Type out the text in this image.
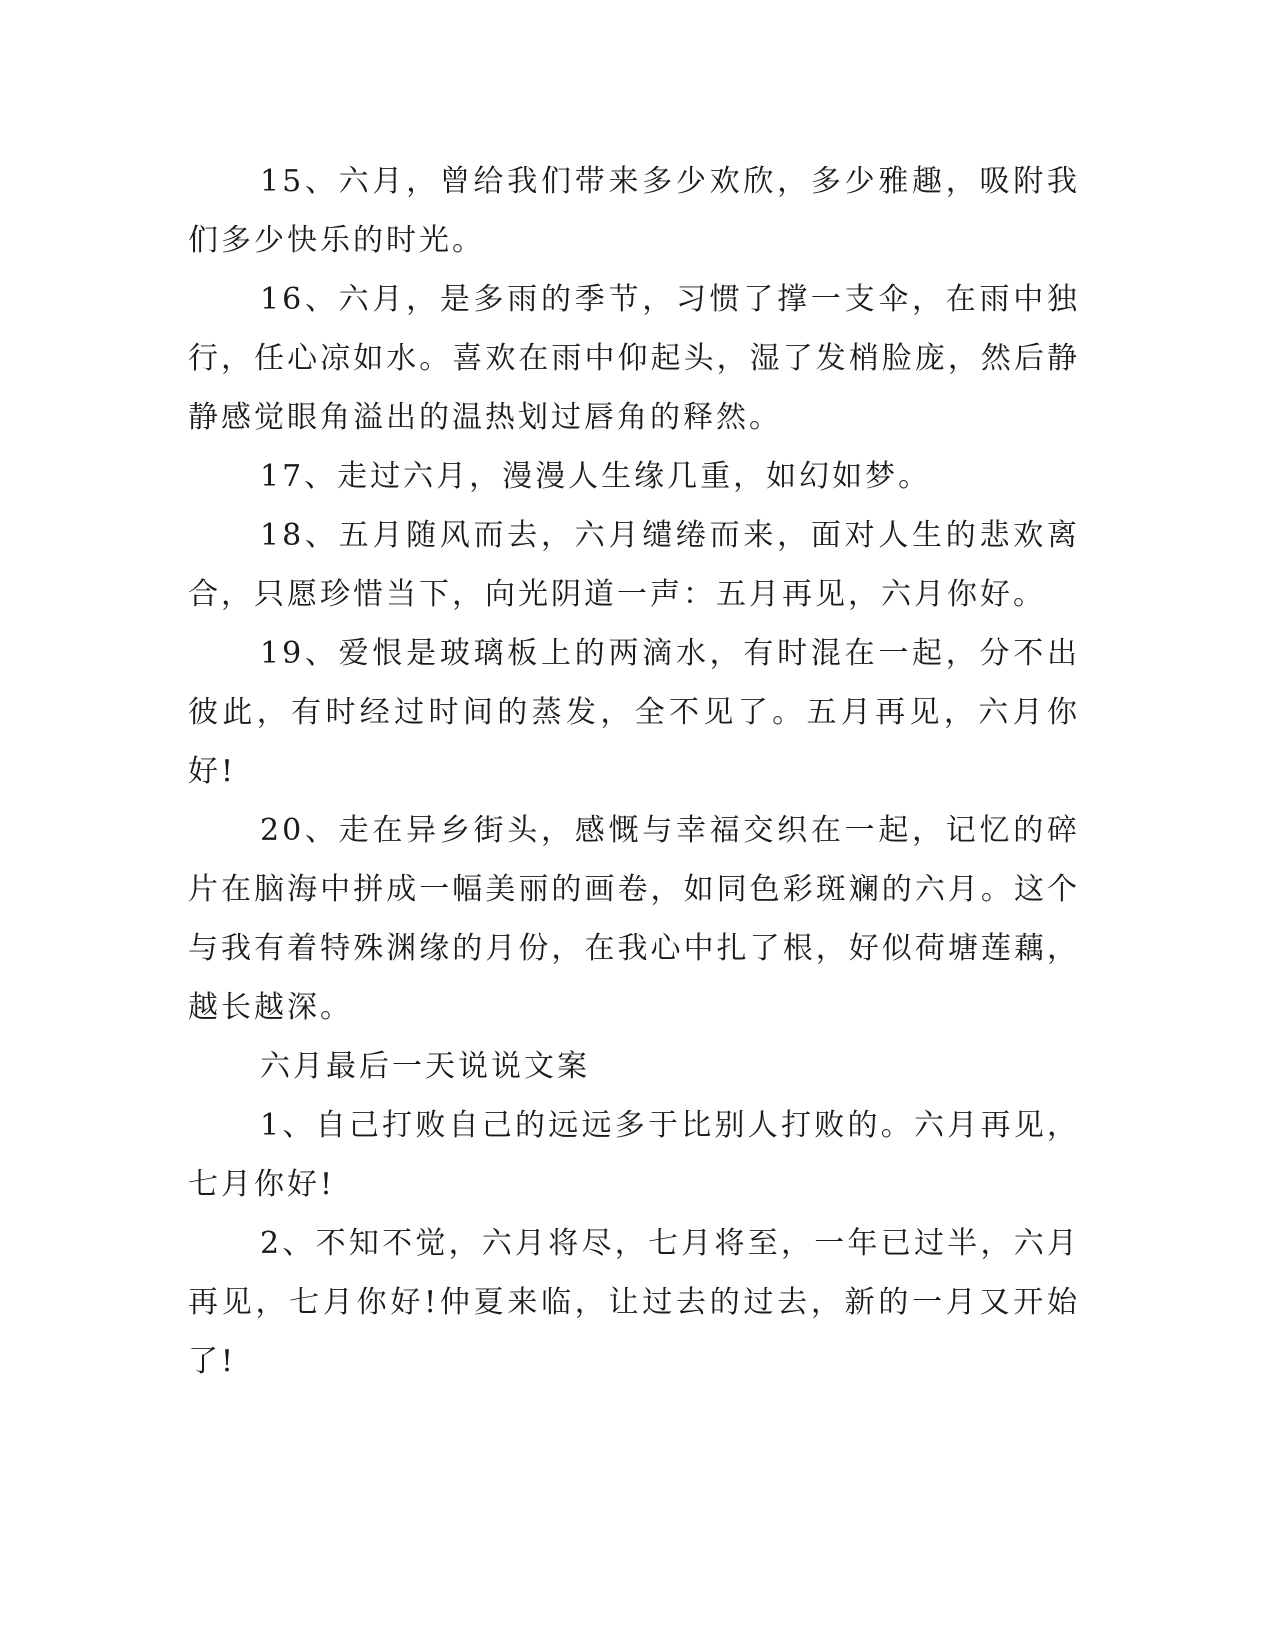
15、六月，曾给我们带来多少欢欣，多少雅趣，吸附我们多少快乐的时光。

16、六月，是多雨的季节，习惯了撑一支伞，在雨中独行，任心凉如水。喜欢在雨中仰起头，湿了发梢脸庞，然后静静感觉眼角溢出的温热划过唇角的释然。

17、走过六月，漫漫人生缘几重，如幻如梦。

18、五月随风而去，六月缱绻而来，面对人生的悲欢离合，只愿珍惜当下，向光阴道一声：五月再见，六月你好。

19、爱恨是玻璃板上的两滴水，有时混在一起，分不出彼此，有时经过时间的蒸发，全不见了。五月再见，六月你好!

20、走在异乡街头，感慨与幸福交织在一起，记忆的碎片在脑海中拼成一幅美丽的画卷，如同色彩斑斓的六月。这个与我有着特殊渊缘的月份，在我心中扎了根，好似荷塘莲藕，越长越深。

六月最后一天说说文案

1、自己打败自己的远远多于比别人打败的。六月再见，七月你好!

2、不知不觉，六月将尽，七月将至，一年已过半，六月再见，七月你好!仲夏来临，让过去的过去，新的一月又开始了!
